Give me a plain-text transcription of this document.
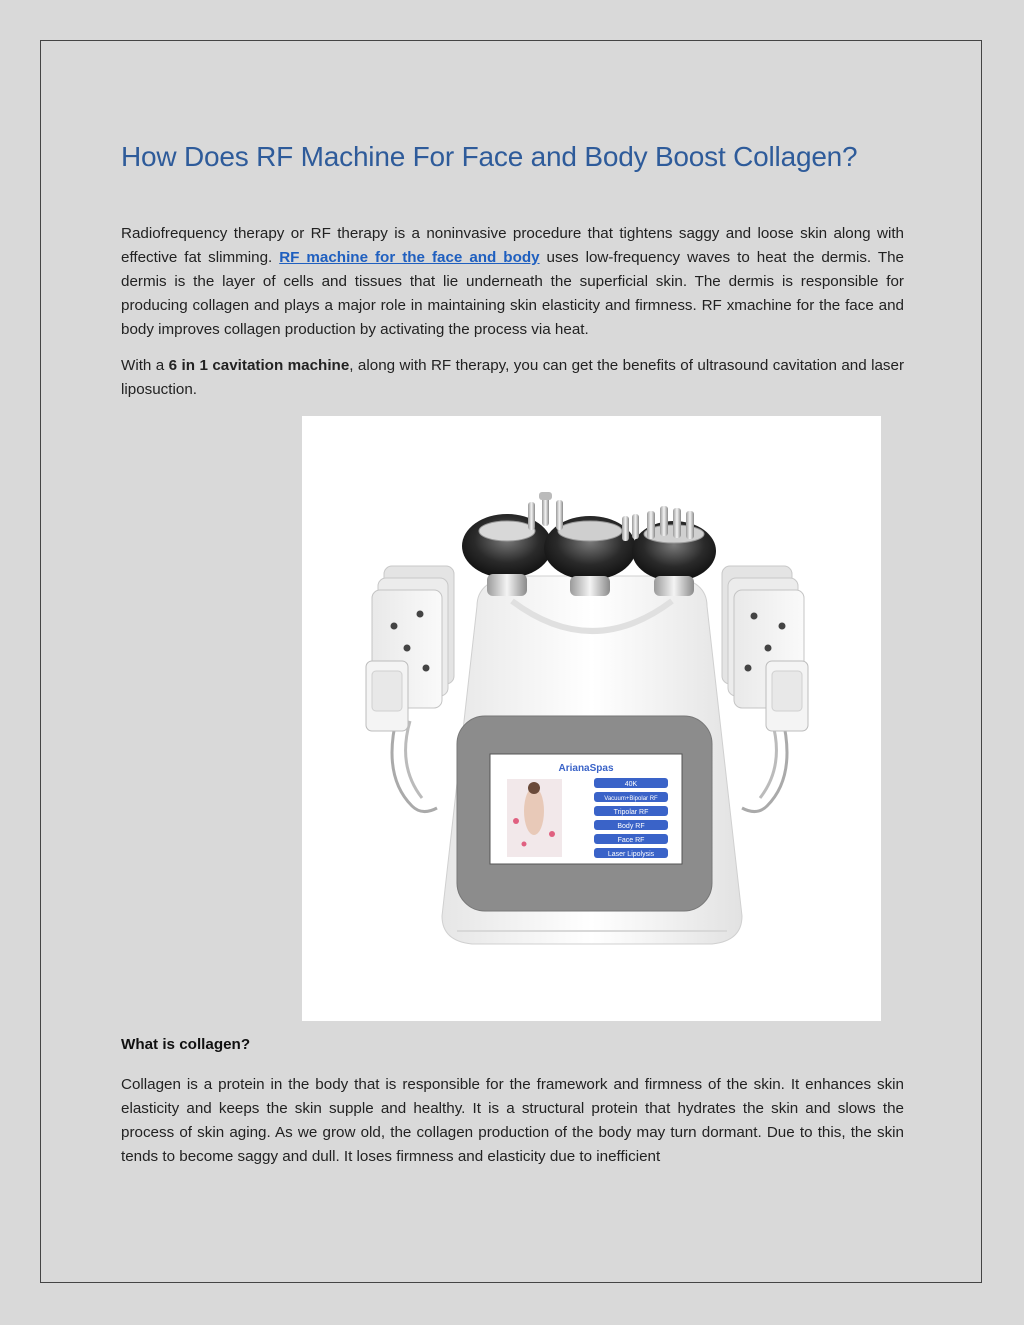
How Does RF Machine For Face and Body Boost Collagen?

Radiofrequency therapy or RF therapy is a noninvasive procedure that tightens saggy and loose skin along with effective fat slimming. RF machine for the face and body uses low-frequency waves to heat the dermis. The dermis is the layer of cells and tissues that lie underneath the superficial skin. The dermis is responsible for producing collagen and plays a major role in maintaining skin elasticity and firmness. RF xmachine for the face and body improves collagen production by activating the process via heat.

With a 6 in 1 cavitation machine, along with RF therapy, you can get the benefits of ultrasound cavitation and laser liposuction.

ArianaSpas
40K
Vacuum+Bipolar RF
Tripolar RF
Body RF
Face RF
Laser Lipolysis
What is collagen?

Collagen is a protein in the body that is responsible for the framework and firmness of the skin. It enhances skin elasticity and keeps the skin supple and healthy. It is a structural protein that hydrates the skin and slows the process of skin aging. As we grow old, the collagen production of the body may turn dormant. Due to this, the skin tends to become saggy and dull. It loses firmness and elasticity due to inefficient
